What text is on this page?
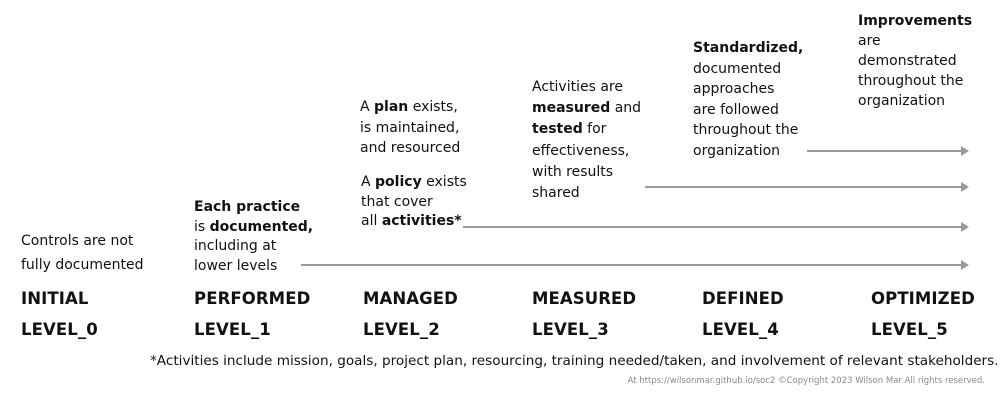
Controls are not
fully documented
Each practice
is documented,
including at
lower levels
A plan exists,
is maintained,
and resourced
A policy exists
that cover
all activities*
Activities are
measured and
tested for
effectiveness,
with results
shared
Standardized,
documented
approaches
are followed
throughout the
organization
Improvements
are
demonstrated
throughout the
organization
INITIAL	PERFORMED	MANAGED	MEASURED	DEFINED	OPTIMIZED
LEVEL_0	LEVEL_1	LEVEL_2	LEVEL_3	LEVEL_4	LEVEL_5
*Activities include mission, goals, project plan, resourcing, training needed/taken, and involvement of relevant stakeholders.
At https://wilsonmar.github.io/soc2 ©Copyright 2023 Wilson Mar All rights reserved.
